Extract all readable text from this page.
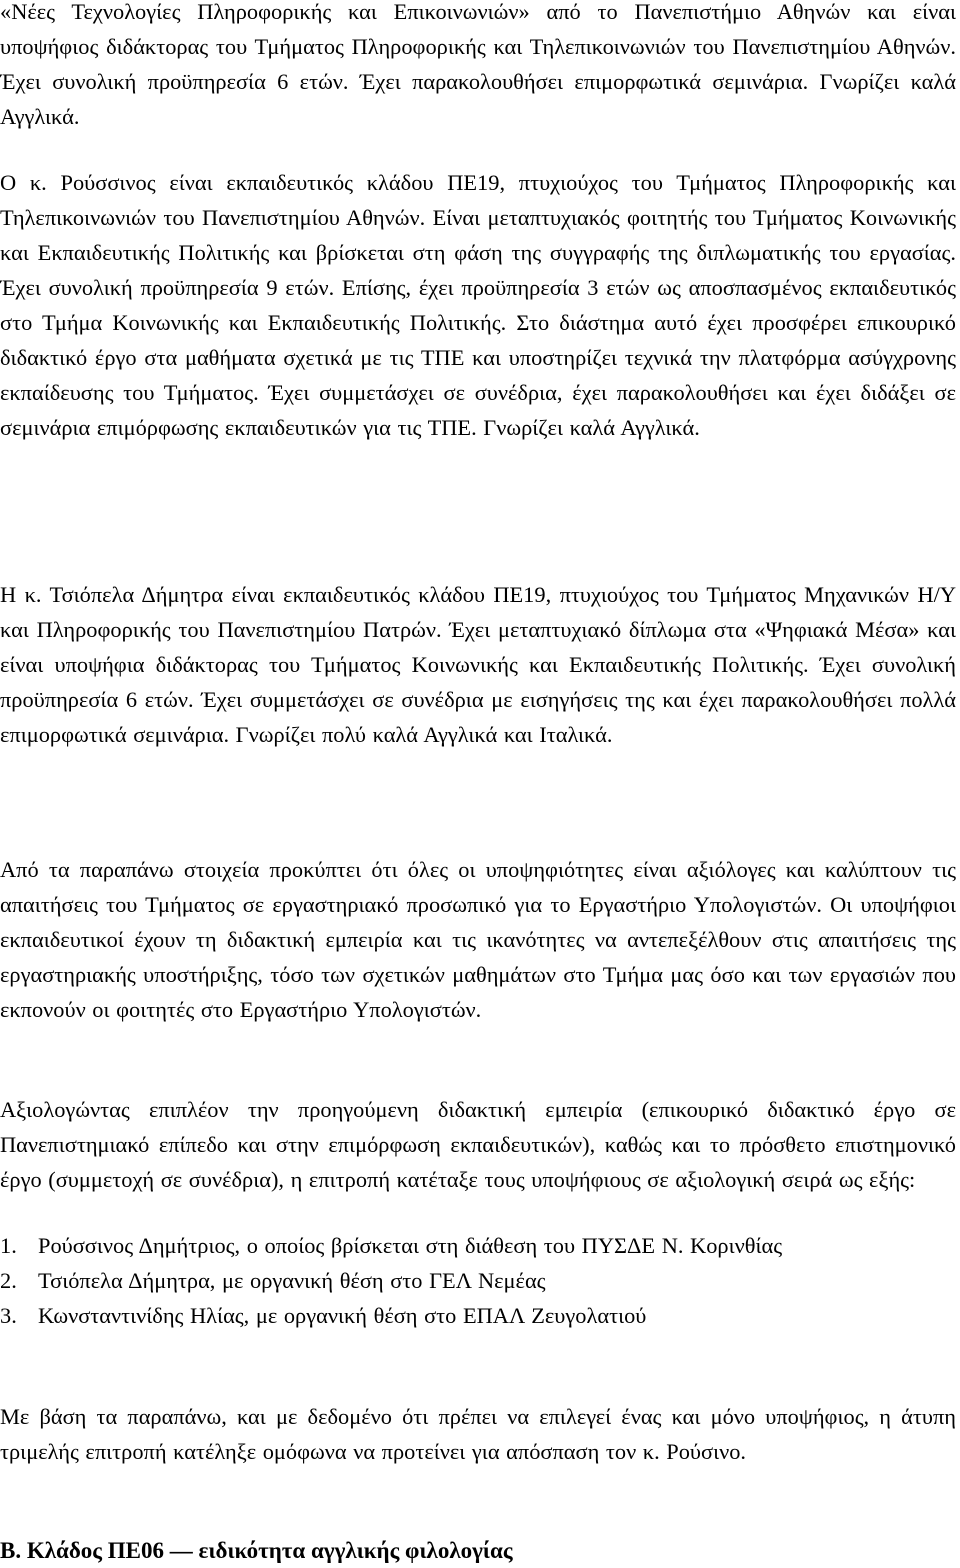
«Νέες Τεχνολογίες Πληροφορικής και Επικοινωνιών» από το Πανεπιστήμιο Αθηνών και είναι υποψήφιος διδάκτορας του Τμήματος Πληροφορικής και Τηλεπικοινωνιών του Πανεπιστημίου Αθηνών. Έχει συνολική προϋπηρεσία 6 ετών. Έχει παρακολουθήσει επιμορφωτικά σεμινάρια. Γνωρίζει καλά Αγγλικά.

Ο κ. Ρούσσινος είναι εκπαιδευτικός κλάδου ΠΕ19, πτυχιούχος του Τμήματος Πληροφορικής και Τηλεπικοινωνιών του Πανεπιστημίου Αθηνών. Είναι μεταπτυχιακός φοιτητής του Τμήματος Κοινωνικής και Εκπαιδευτικής Πολιτικής και βρίσκεται στη φάση της συγγραφής της διπλωματικής του εργασίας. Έχει συνολική προϋπηρεσία 9 ετών. Επίσης, έχει προϋπηρεσία 3 ετών ως αποσπασμένος εκπαιδευτικός στο Τμήμα Κοινωνικής και Εκπαιδευτικής Πολιτικής. Στο διάστημα αυτό έχει προσφέρει επικουρικό διδακτικό έργο στα μαθήματα σχετικά με τις ΤΠΕ και υποστηρίζει τεχνικά την πλατφόρμα ασύγχρονης εκπαίδευσης του Τμήματος. Έχει συμμετάσχει σε συνέδρια, έχει παρακολουθήσει και έχει διδάξει σε σεμινάρια επιμόρφωσης εκπαιδευτικών για τις ΤΠΕ. Γνωρίζει καλά Αγγλικά.

Η κ. Τσιόπελα Δήμητρα είναι εκπαιδευτικός κλάδου ΠΕ19, πτυχιούχος του Τμήματος Μηχανικών Η/Υ και Πληροφορικής του Πανεπιστημίου Πατρών. Έχει μεταπτυχιακό δίπλωμα στα «Ψηφιακά Μέσα» και είναι υποψήφια διδάκτορας του Τμήματος Κοινωνικής και Εκπαιδευτικής Πολιτικής. Έχει συνολική προϋπηρεσία 6 ετών. Έχει συμμετάσχει σε συνέδρια με εισηγήσεις της και έχει παρακολουθήσει πολλά επιμορφωτικά σεμινάρια. Γνωρίζει πολύ καλά Αγγλικά και Ιταλικά.

Από τα παραπάνω στοιχεία προκύπτει ότι όλες οι υποψηφιότητες είναι αξιόλογες και καλύπτουν τις απαιτήσεις του Τμήματος σε εργαστηριακό προσωπικό για το Εργαστήριο Υπολογιστών. Οι υποψήφιοι εκπαιδευτικοί έχουν τη διδακτική εμπειρία και τις ικανότητες να αντεπεξέλθουν στις απαιτήσεις της εργαστηριακής υποστήριξης, τόσο των σχετικών μαθημάτων στο Τμήμα μας όσο και των εργασιών που εκπονούν οι φοιτητές στο Εργαστήριο Υπολογιστών.

Αξιολογώντας επιπλέον την προηγούμενη διδακτική εμπειρία (επικουρικό διδακτικό έργο σε Πανεπιστημιακό επίπεδο και στην επιμόρφωση εκπαιδευτικών), καθώς και το πρόσθετο επιστημονικό έργο (συμμετοχή σε συνέδρια), η επιτροπή κατέταξε τους υποψήφιους σε αξιολογική σειρά ως εξής:

1. Ρούσσινος Δημήτριος, ο οποίος βρίσκεται στη διάθεση του ΠΥΣΔΕ Ν. Κορινθίας
2. Τσιόπελα Δήμητρα, με οργανική θέση στο ΓΕΛ Νεμέας
3. Κωνσταντινίδης Ηλίας, με οργανική θέση στο ΕΠΑΛ Ζευγολατιού

Με βάση τα παραπάνω, και με δεδομένο ότι πρέπει να επιλεγεί ένας και μόνο υποψήφιος, η άτυπη τριμελής επιτροπή κατέληξε ομόφωνα να προτείνει για απόσπαση τον κ. Ρούσινο.

Β. Κλάδος ΠΕ06 — ειδικότητα αγγλικής φιλολογίας
